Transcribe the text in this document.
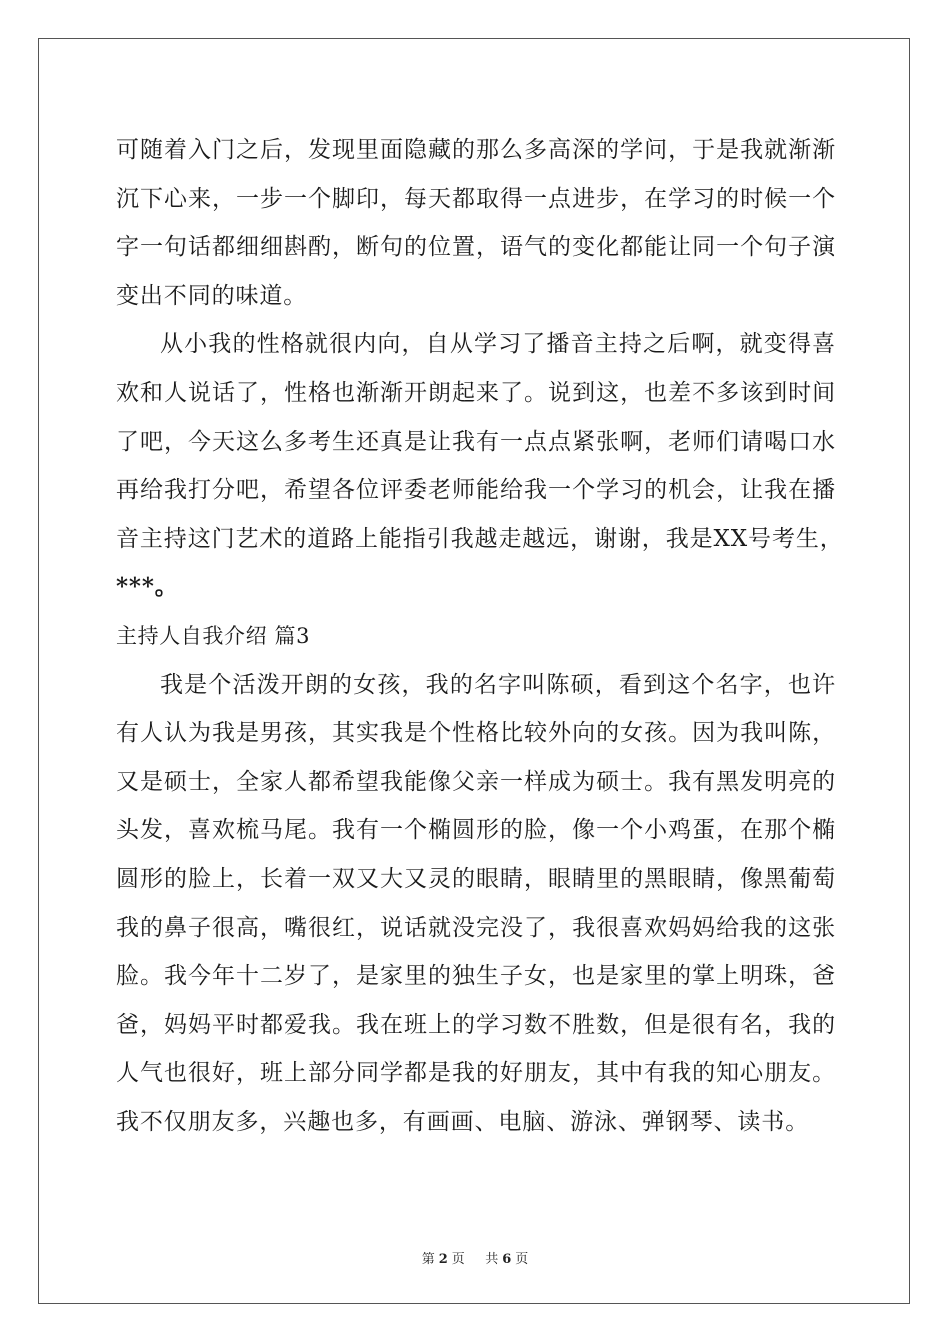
可随着入门之后，发现里面隐藏的那么多高深的学问，于是我就渐渐
沉下心来，一步一个脚印，每天都取得一点进步，在学习的时候一个
字一句话都细细斟酌，断句的位置，语气的变化都能让同一个句子演
变出不同的味道。
从小我的性格就很内向，自从学习了播音主持之后啊，就变得喜
欢和人说话了，性格也渐渐开朗起来了。说到这，也差不多该到时间
了吧，今天这么多考生还真是让我有一点点紧张啊，老师们请喝口水
再给我打分吧，希望各位评委老师能给我一个学习的机会，让我在播
音主持这门艺术的道路上能指引我越走越远，谢谢，我是XX号考生，
***。
主持人自我介绍 篇3
我是个活泼开朗的女孩，我的名字叫陈硕，看到这个名字，也许
有人认为我是男孩，其实我是个性格比较外向的女孩。因为我叫陈，
又是硕士，全家人都希望我能像父亲一样成为硕士。我有黑发明亮的
头发，喜欢梳马尾。我有一个椭圆形的脸，像一个小鸡蛋，在那个椭
圆形的脸上，长着一双又大又灵的眼睛，眼睛里的黑眼睛，像黑葡萄
我的鼻子很高，嘴很红，说话就没完没了，我很喜欢妈妈给我的这张
脸。我今年十二岁了，是家里的独生子女，也是家里的掌上明珠，爸
爸，妈妈平时都爱我。我在班上的学习数不胜数，但是很有名，我的
人气也很好，班上部分同学都是我的好朋友，其中有我的知心朋友。
我不仅朋友多，兴趣也多，有画画、电脑、游泳、弹钢琴、读书。
第 2 页 共 6 页
